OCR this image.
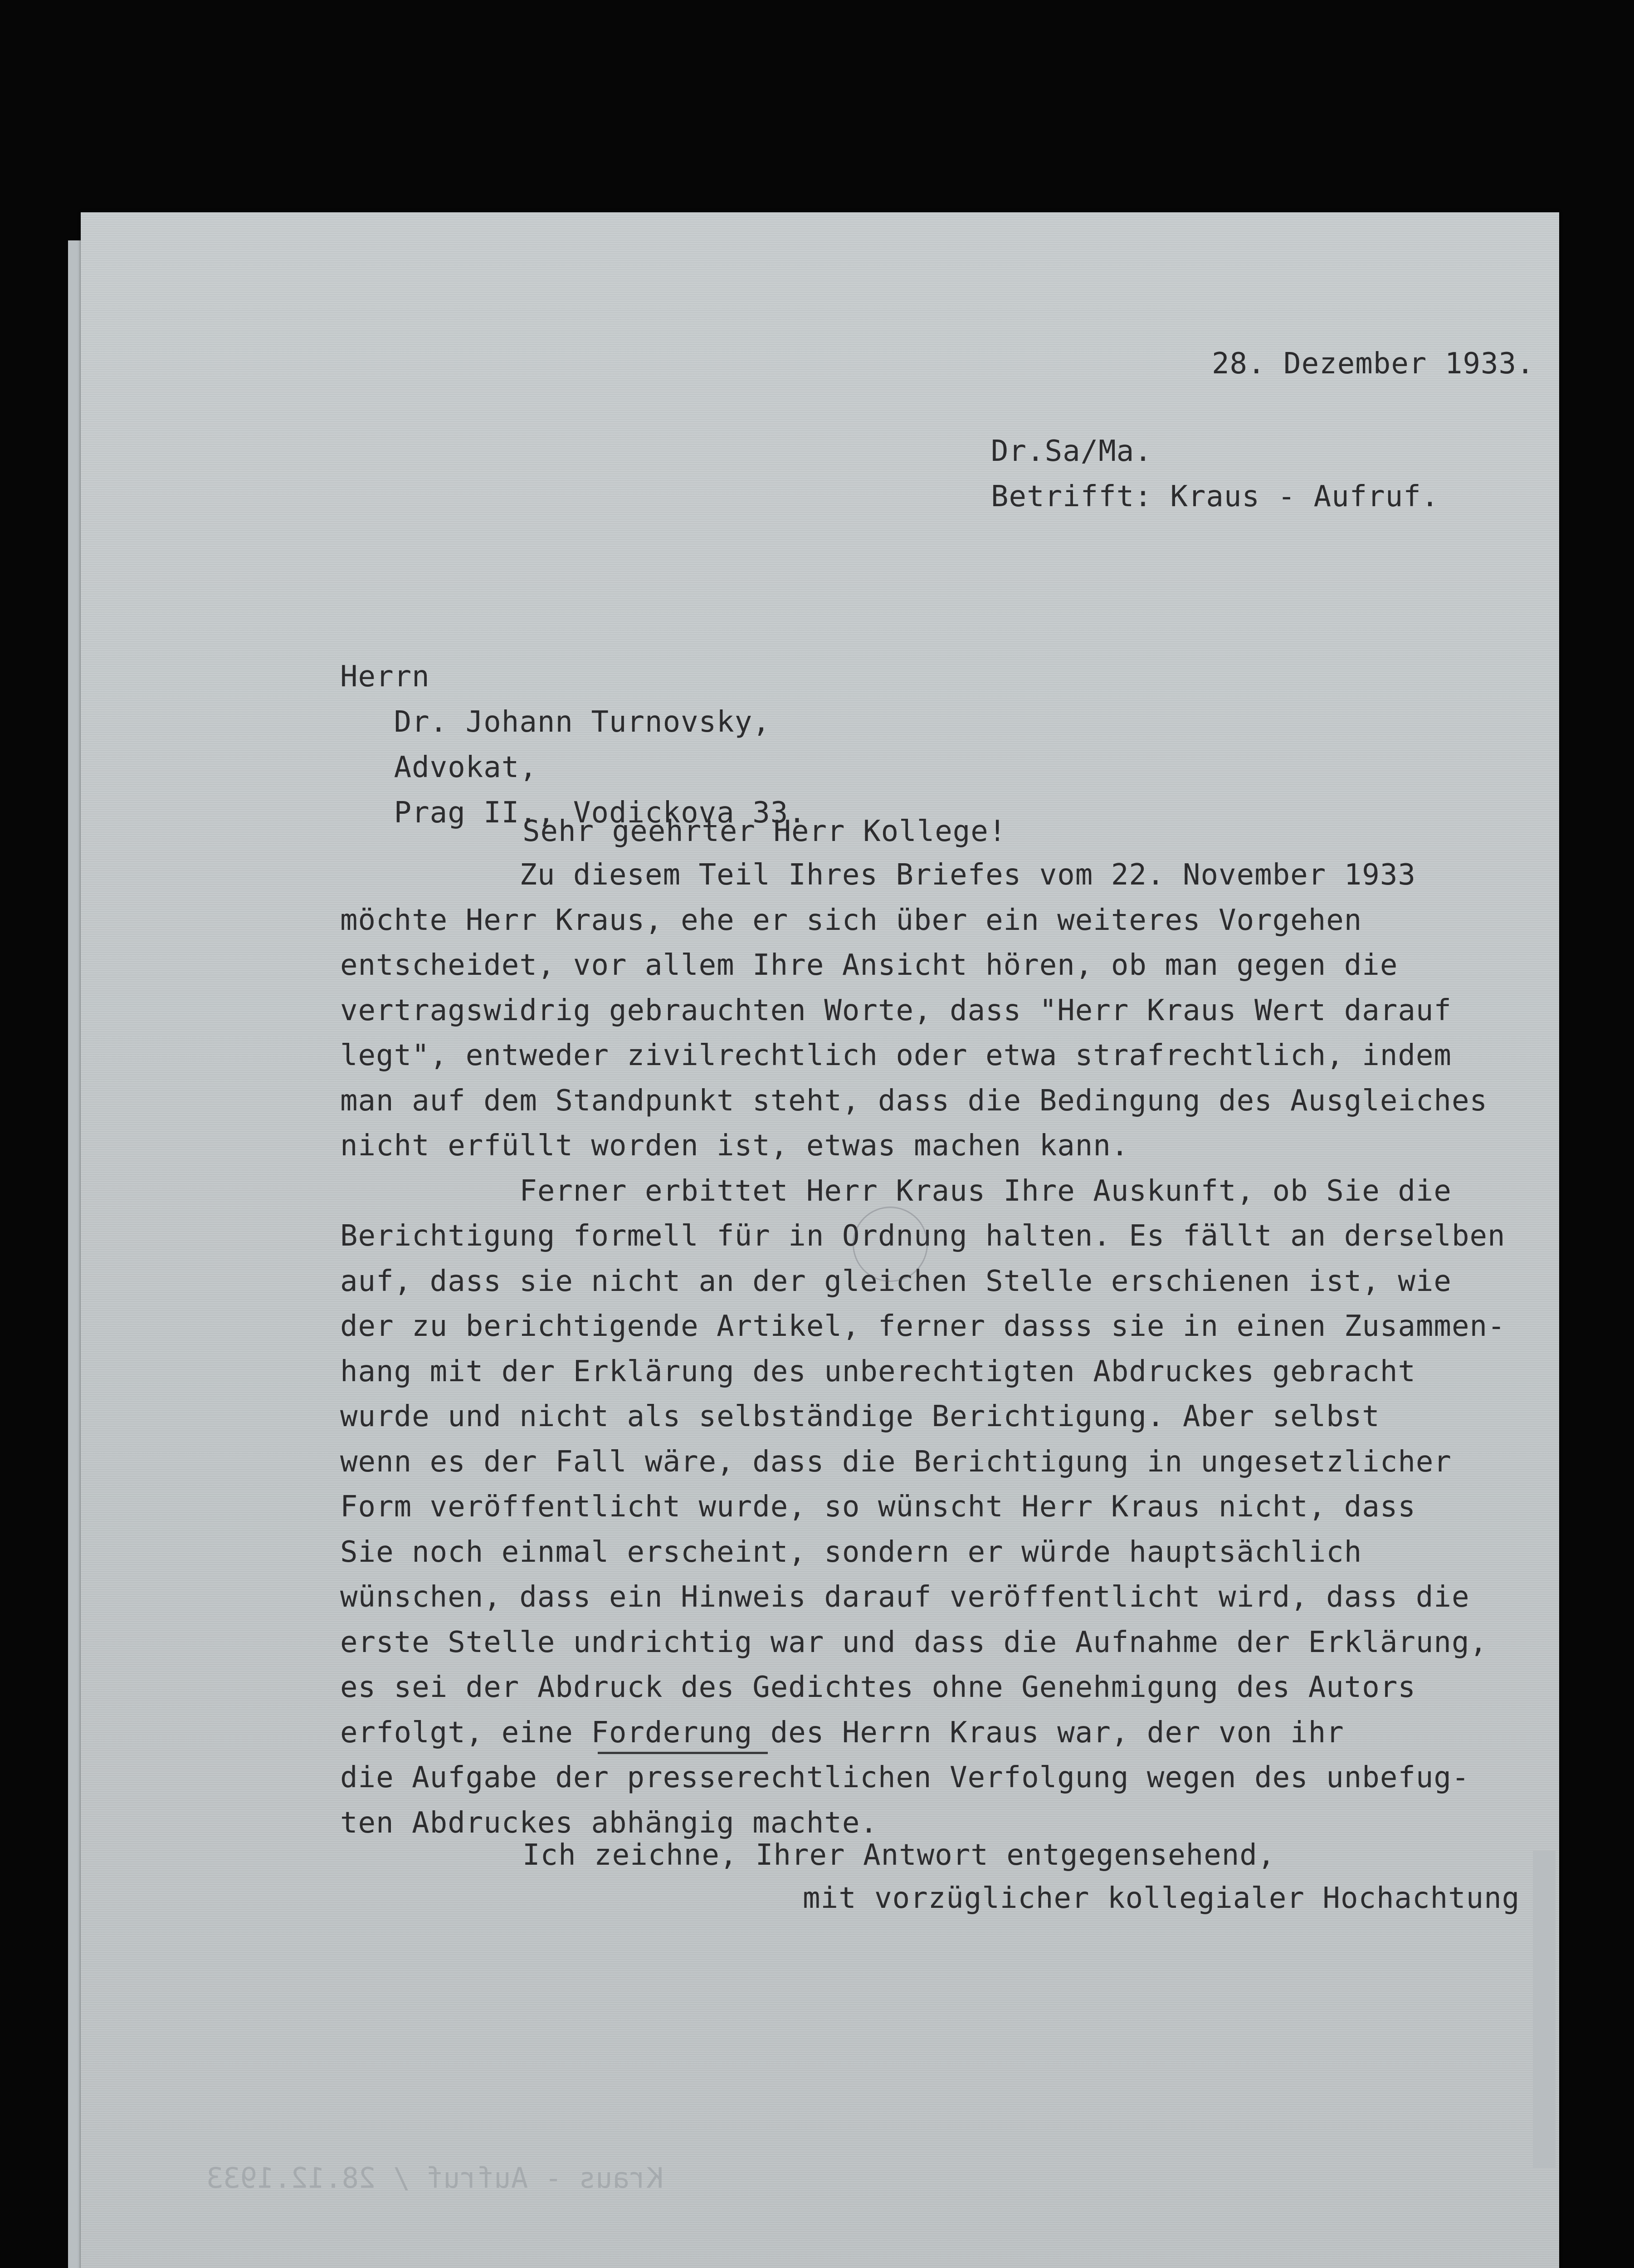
28. Dezember 1933.

Dr.Sa/Ma.
Betrifft: Kraus - Aufruf.
Herrn
Dr. Johann Turnovsky,
Advokat,
Prag II., Vodickova 33.

Sehr geehrter Herr Kollege!

Zu diesem Teil Ihres Briefes vom 22. November 1933
möchte Herr Kraus, ehe er sich über ein weiteres Vorgehen
entscheidet, vor allem Ihre Ansicht hören, ob man gegen die
vertragswidrig gebrauchten Worte, dass "Herr Kraus Wert darauf
legt", entweder zivilrechtlich oder etwa strafrechtlich, indem
man auf dem Standpunkt steht, dass die Bedingung des Ausgleiches
nicht erfüllt worden ist, etwas machen kann.
Ferner erbittet Herr Kraus Ihre Auskunft, ob Sie die
Berichtigung formell für in Ordnung halten. Es fällt an derselben
auf, dass sie nicht an der gleichen Stelle erschienen ist, wie
der zu berichtigende Artikel, ferner dasss sie in einen Zusammen-
hang mit der Erklärung des unberechtigten Abdruckes gebracht
wurde und nicht als selbständige Berichtigung. Aber selbst
wenn es der Fall wäre, dass die Berichtigung in ungesetzlicher
Form veröffentlicht wurde, so wünscht Herr Kraus nicht, dass
Sie noch einmal erscheint, sondern er würde hauptsächlich
wünschen, dass ein Hinweis darauf veröffentlicht wird, dass die
erste Stelle undrichtig war und dass die Aufnahme der Erklärung,
es sei der Abdruck des Gedichtes ohne Genehmigung des Autors
erfolgt, eine Forderung des Herrn Kraus war, der von ihr
die Aufgabe der presserechtlichen Verfolgung wegen des unbefug-
ten Abdruckes abhängig machte.

Ich zeichne, Ihrer Antwort entgegensehend,

mit vorzüglicher kollegialer Hochachtung

Kraus - Aufruf / 28.12.1933
